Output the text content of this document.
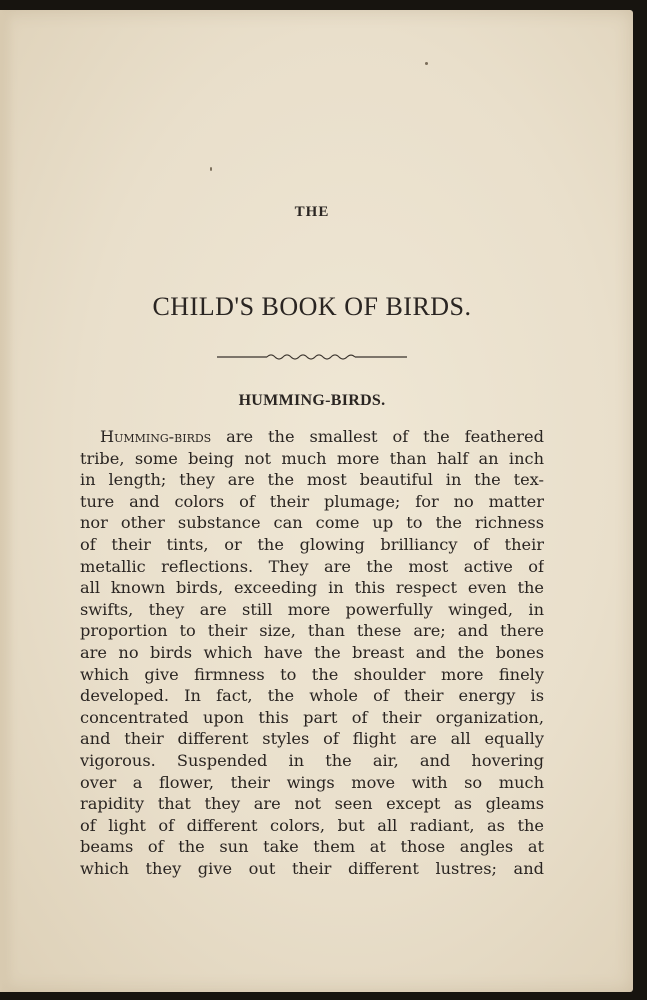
THE
CHILD'S BOOK OF BIRDS.
HUMMING-BIRDS.
Humming-birds are the smallest of the feathered
tribe, some being not much more than half an inch
in length; they are the most beautiful in the tex-
ture and colors of their plumage; for no matter
nor other substance can come up to the richness
of their tints, or the glowing brilliancy of their
metallic reflections. They are the most active of
all known birds, exceeding in this respect even the
swifts, they are still more powerfully winged, in
proportion to their size, than these are; and there
are no birds which have the breast and the bones
which give firmness to the shoulder more finely
developed. In fact, the whole of their energy is
concentrated upon this part of their organization,
and their different styles of flight are all equally
vigorous. Suspended in the air, and hovering
over a flower, their wings move with so much
rapidity that they are not seen except as gleams
of light of different colors, but all radiant, as the
beams of the sun take them at those angles at
which they give out their different lustres; and
